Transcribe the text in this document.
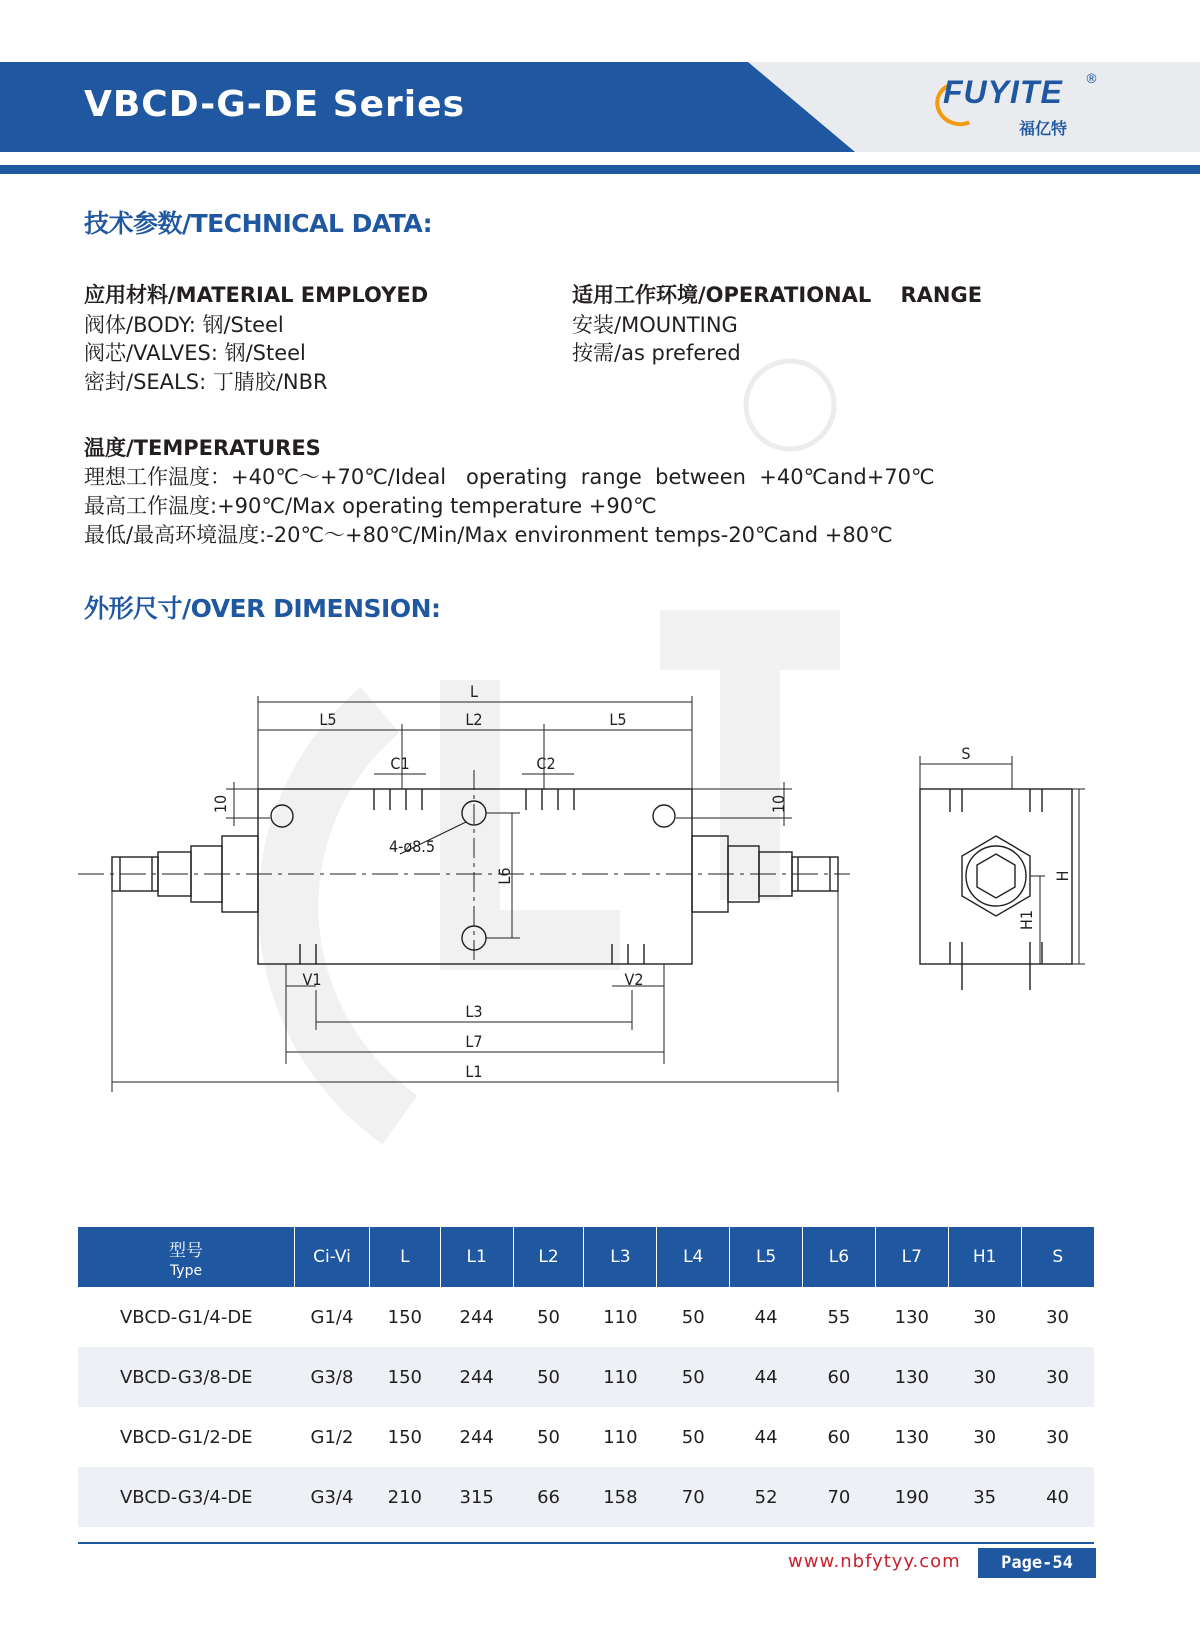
VBCD-G-DE Series	FUYITE ®
福亿特
技术参数/TECHNICAL DATA:
应用材料/MATERIAL EMPLOYED
阀体/BODY: 钢/Steel
阀芯/VALVES: 钢/Steel
密封/SEALS: 丁腈胶/NBR
适用工作环境/OPERATIONAL    RANGE
安装/MOUNTING
按需/as prefered
温度/TEMPERATURES
理想工作温度：+40℃～+70℃/Ideal   operating  range  between  +40℃and+70℃
最高工作温度:+90℃/Max operating temperature +90℃
最低/最高环境温度:-20℃～+80℃/Min/Max environment temps-20℃and +80℃
外形尺寸/OVER DIMENSION:
L
L5	L2	L5
C1	C2
10	10
4-ø8.5
L6
V1	V2
L3
L7
L1
S
H
H1
型号
Type	Ci-Vi	L	L1	L2	L3	L4	L5	L6	L7	H1	S
VBCD-G1/4-DE	G1/4	150	244	50	110	50	44	55	130	30	30
VBCD-G3/8-DE	G3/8	150	244	50	110	50	44	60	130	30	30
VBCD-G1/2-DE	G1/2	150	244	50	110	50	44	60	130	30	30
VBCD-G3/4-DE	G3/4	210	315	66	158	70	52	70	190	35	40
www.nbfytyy.com	Page-54
